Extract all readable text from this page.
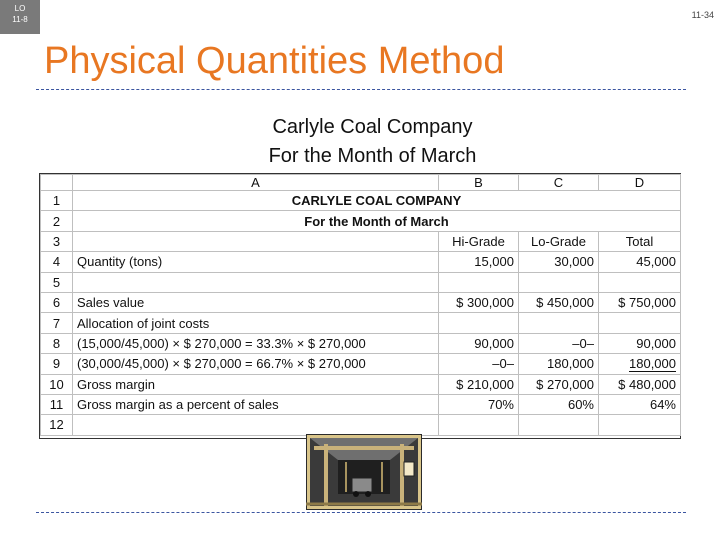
LO
11-8	11-34
Physical Quantities Method
Carlyle Coal Company
For the Month of March
	A	B	C	D
1	CARLYLE COAL COMPANY			
2	For the Month of March			
3		Hi-Grade	Lo-Grade	Total
4	Quantity (tons)	15,000	30,000	45,000
5				
6	Sales value	$ 300,000	$ 450,000	$ 750,000
7	Allocation of joint costs			
8	(15,000/45,000) × $ 270,000 = 33.3% × $ 270,000	90,000	–0–	90,000
9	(30,000/45,000) × $ 270,000 = 66.7% × $ 270,000	–0–	180,000	180,000
10	Gross margin	$ 210,000	$ 270,000	$ 480,000
11	Gross margin as a percent of sales	70%	60%	64%
12				
